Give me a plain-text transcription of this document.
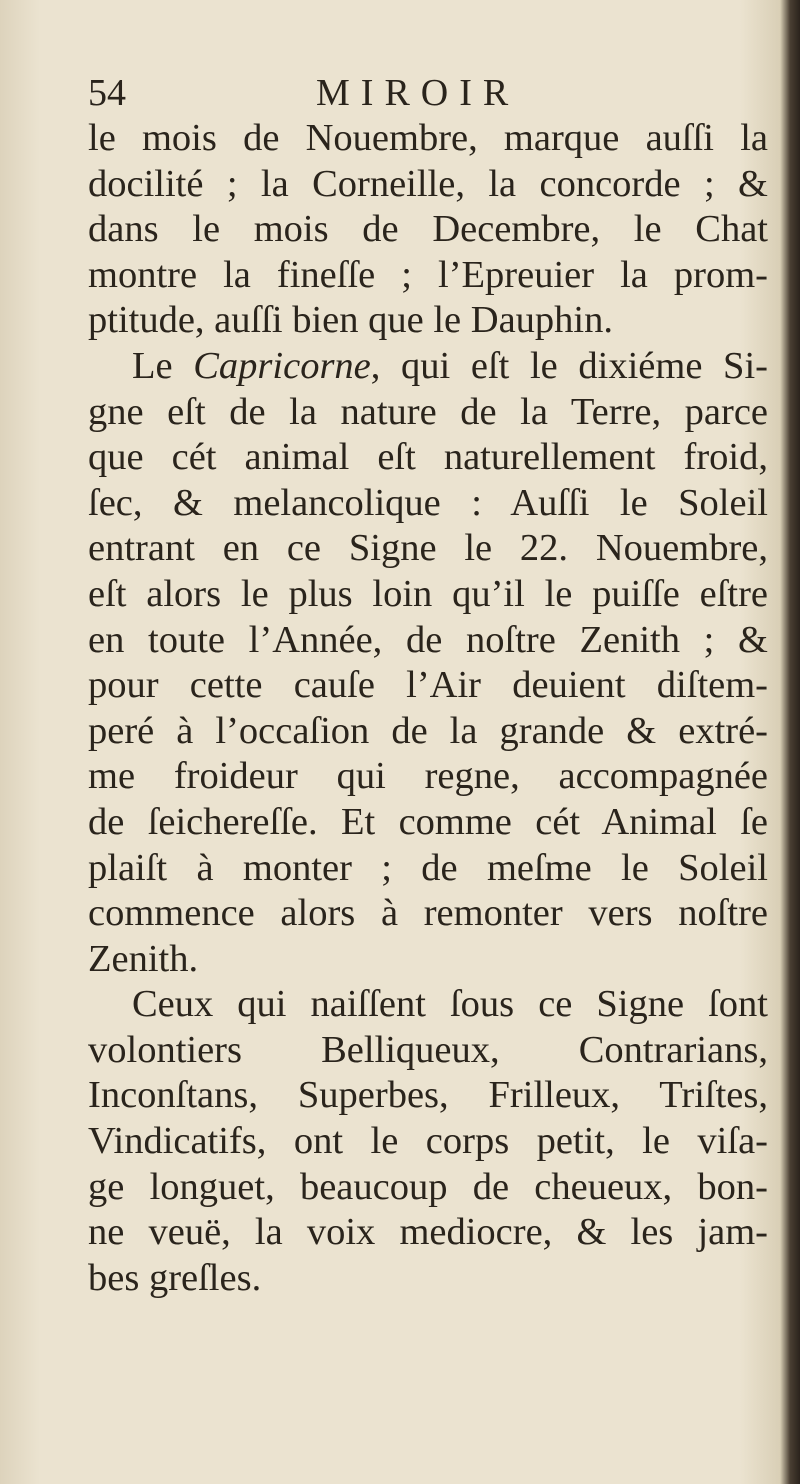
54	MIROIR
le mois de Nouembre, marque auſſi la
docilité ; la Corneille, la concorde ; &
dans le mois de Decembre, le Chat
montre la fineſſe ; l’Epreuier la prom-
ptitude, auſſi bien que le Dauphin.
Le Capricorne, qui eſt le dixiéme Si-
gne eſt de la nature de la Terre, parce
que cét animal eſt naturellement froid,
ſec, & melancolique : Auſſi le Soleil
entrant en ce Signe le 22. Nouembre,
eſt alors le plus loin qu’il le puiſſe eſtre
en toute l’Année, de noſtre Zenith ; &
pour cette cauſe l’Air deuient diſtem-
peré à l’occaſion de la grande & extré-
me froideur qui regne, accompagnée
de ſeichereſſe. Et comme cét Animal ſe
plaiſt à monter ; de meſme le Soleil
commence alors à remonter vers noſtre
Zenith.
Ceux qui naiſſent ſous ce Signe ſont
volontiers Belliqueux, Contrarians,
Inconſtans, Superbes, Frilleux, Triſtes,
Vindicatifs, ont le corps petit, le viſa-
ge longuet, beaucoup de cheueux, bon-
ne veuë, la voix mediocre, & les jam-
bes greſles.
